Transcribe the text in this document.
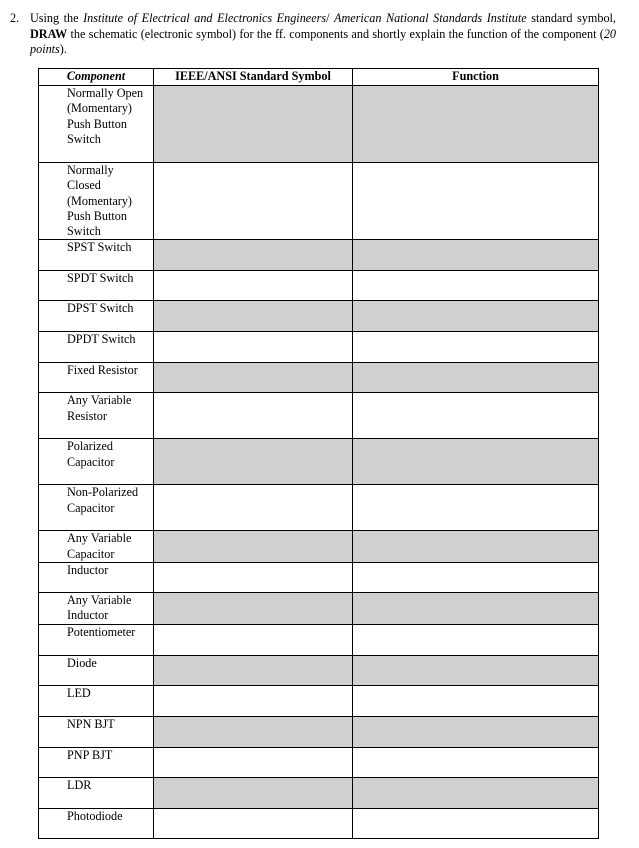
2. Using the Institute of Electrical and Electronics Engineers/ American National Standards Institute standard symbol, DRAW the schematic (electronic symbol) for the ff. components and shortly explain the function of the component (20 points).
Component	IEEE/ANSI Standard Symbol	Function
Normally Open (Momentary) Push Button Switch		
Normally Closed (Momentary) Push Button Switch		
SPST Switch		
SPDT Switch		
DPST Switch		
DPDT Switch		
Fixed Resistor		
Any Variable Resistor		
Polarized Capacitor		
Non-Polarized Capacitor		
Any Variable Capacitor		
Inductor		
Any Variable Inductor		
Potentiometer		
Diode		
LED		
NPN BJT		
PNP BJT		
LDR		
Photodiode		
